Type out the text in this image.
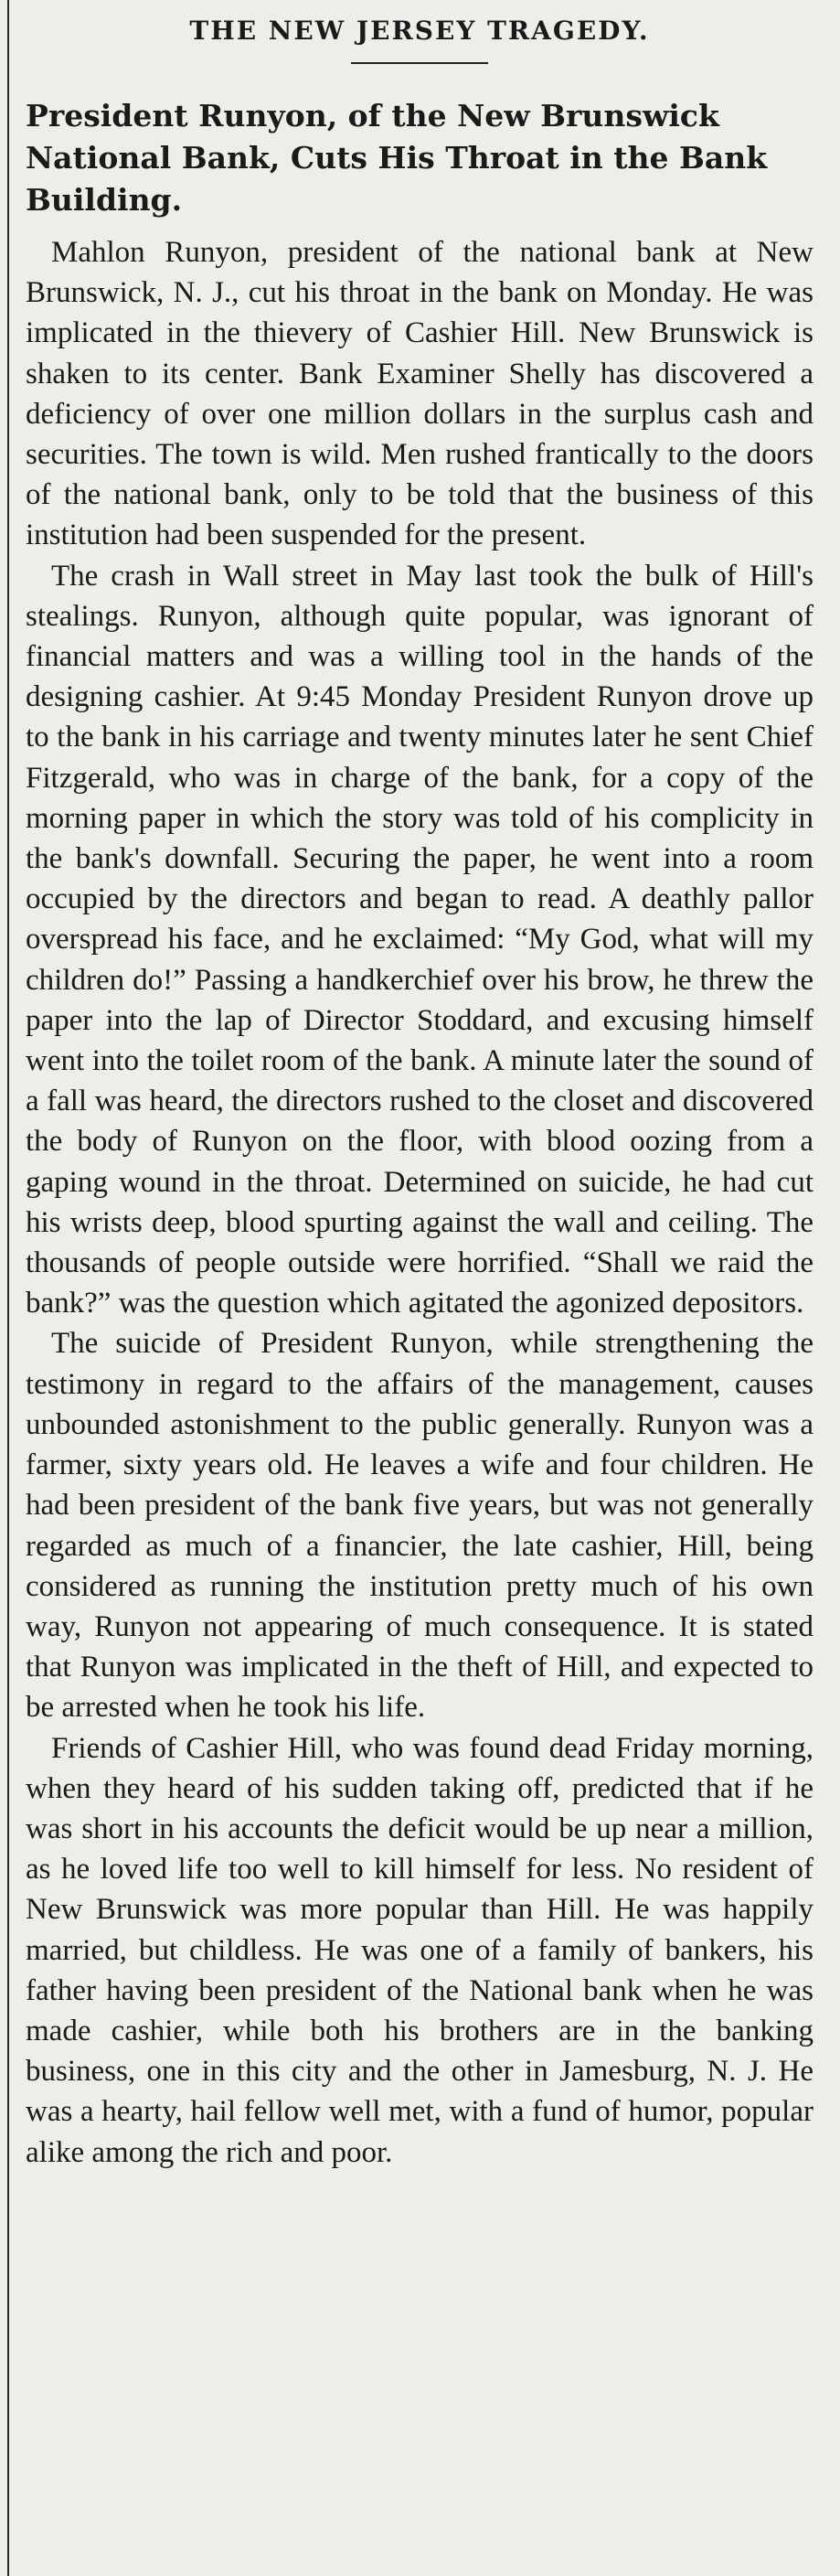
THE NEW JERSEY TRAGEDY.
President Runyon, of the New Brunswick National Bank, Cuts His Throat in the Bank Building.

Mahlon Runyon, president of the national bank at New Brunswick, N. J., cut his throat in the bank on Monday. He was implicated in the thievery of Cashier Hill. New Brunswick is shaken to its center. Bank Examiner Shelly has discovered a deficiency of over one million dollars in the surplus cash and securities. The town is wild. Men rushed frantically to the doors of the national bank, only to be told that the business of this institution had been suspended for the present.

The crash in Wall street in May last took the bulk of Hill's stealings. Runyon, although quite popular, was ignorant of financial matters and was a willing tool in the hands of the designing cashier. At 9:45 Monday President Runyon drove up to the bank in his carriage and twenty minutes later he sent Chief Fitzgerald, who was in charge of the bank, for a copy of the morning paper in which the story was told of his complicity in the bank's downfall. Securing the paper, he went into a room occupied by the directors and began to read. A deathly pallor overspread his face, and he exclaimed: “My God, what will my children do!” Passing a handkerchief over his brow, he threw the paper into the lap of Director Stoddard, and excusing himself went into the toilet room of the bank. A minute later the sound of a fall was heard, the directors rushed to the closet and discovered the body of Runyon on the floor, with blood oozing from a gaping wound in the throat. Determined on suicide, he had cut his wrists deep, blood spurting against the wall and ceiling. The thousands of people outside were horrified. “Shall we raid the bank?” was the question which agitated the agonized depositors.

The suicide of President Runyon, while strengthening the testimony in regard to the affairs of the management, causes unbounded astonishment to the public generally. Runyon was a farmer, sixty years old. He leaves a wife and four children. He had been president of the bank five years, but was not generally regarded as much of a financier, the late cashier, Hill, being considered as running the institution pretty much of his own way, Runyon not appearing of much consequence. It is stated that Runyon was implicated in the theft of Hill, and expected to be arrested when he took his life.

Friends of Cashier Hill, who was found dead Friday morning, when they heard of his sudden taking off, predicted that if he was short in his accounts the deficit would be up near a million, as he loved life too well to kill himself for less. No resident of New Brunswick was more popular than Hill. He was happily married, but childless. He was one of a family of bankers, his father having been president of the National bank when he was made cashier, while both his brothers are in the banking business, one in this city and the other in Jamesburg, N. J. He was a hearty, hail fellow well met, with a fund of humor, popular alike among the rich and poor.
